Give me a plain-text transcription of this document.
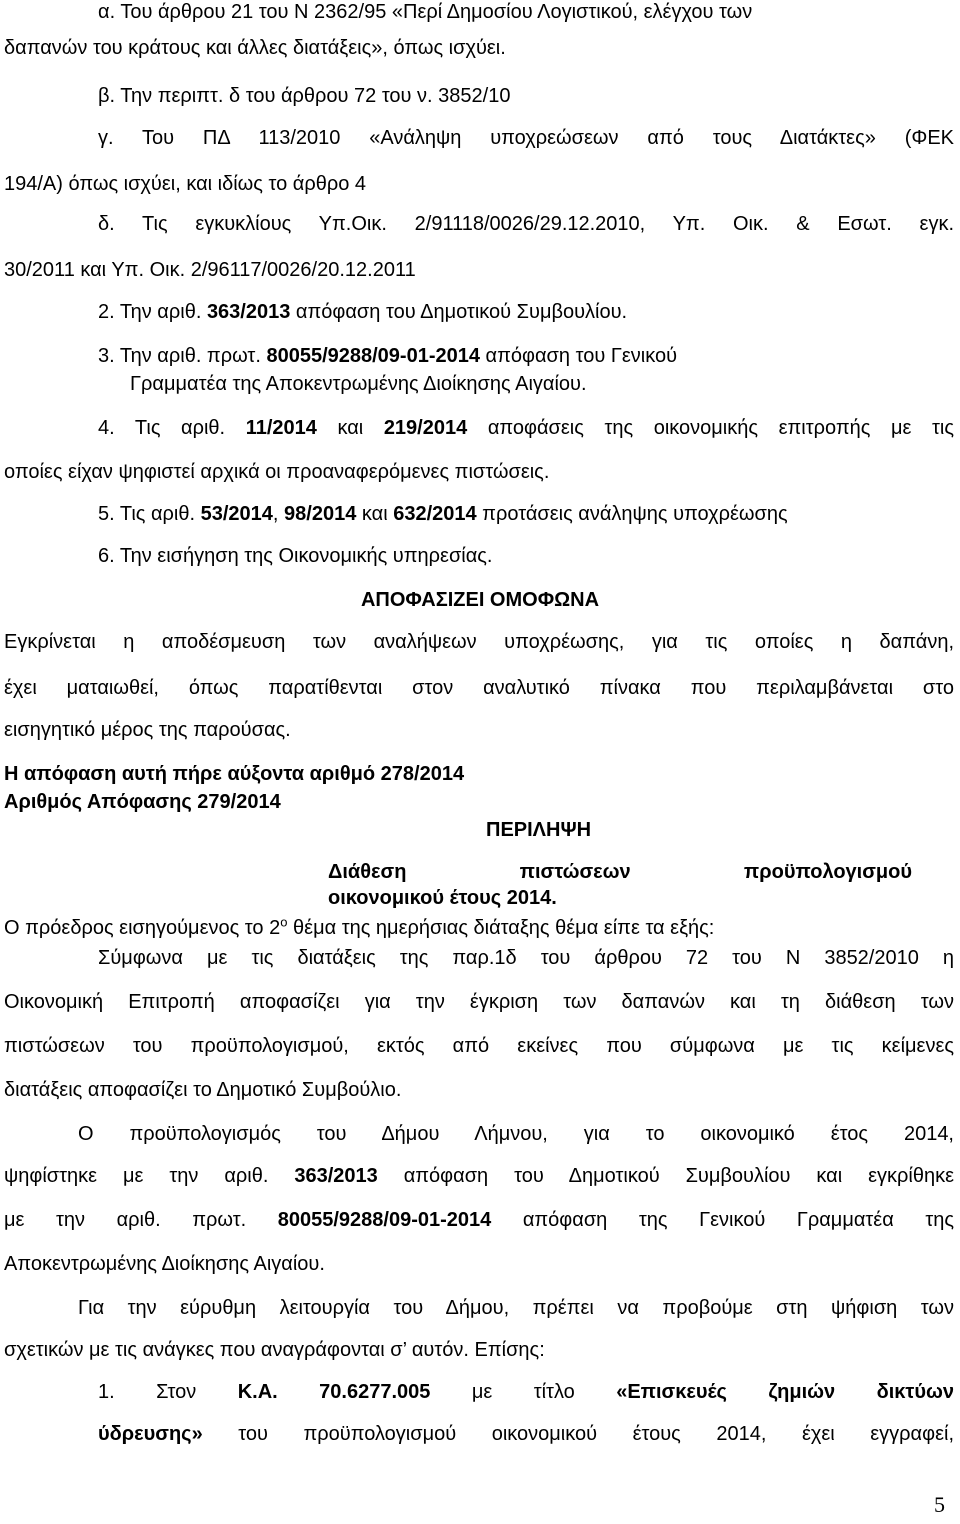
α. Του άρθρου 21 του Ν 2362/95 «Περί Δημοσίου Λογιστικού, ελέγχου των
δαπανών του κράτους και άλλες διατάξεις», όπως ισχύει.
β. Την περιπτ. δ του άρθρου 72 του ν. 3852/10
γ. Του ΠΔ 113/2010 «Ανάληψη υποχρεώσεων από τους Διατάκτες» (ΦΕΚ
194/Α) όπως ισχύει, και ιδίως το άρθρο 4
δ. Τις εγκυκλίους Υπ.Οικ. 2/91118/0026/29.12.2010, Υπ. Οικ. & Εσωτ. εγκ.
30/2011 και Υπ. Οικ. 2/96117/0026/20.12.2011
2. Την αριθ. 363/2013 απόφαση του Δημοτικού Συμβουλίου.
3. Την αριθ. πρωτ. 80055/9288/09-01-2014 απόφαση του Γενικού
Γραμματέα της Αποκεντρωμένης Διοίκησης Αιγαίου.
4. Τις αριθ. 11/2014 και 219/2014 αποφάσεις της οικονομικής επιτροπής με τις
οποίες είχαν ψηφιστεί αρχικά οι προαναφερόμενες πιστώσεις.
5. Τις αριθ. 53/2014, 98/2014 και 632/2014 προτάσεις ανάληψης υποχρέωσης
6. Την εισήγηση της Οικονομικής υπηρεσίας.
ΑΠΟΦΑΣΙΖΕΙ ΟΜΟΦΩΝΑ
Εγκρίνεται η αποδέσμευση των αναλήψεων υποχρέωσης, για τις οποίες η δαπάνη,
έχει ματαιωθεί, όπως παρατίθενται στον αναλυτικό πίνακα που περιλαμβάνεται στο
εισηγητικό μέρος της παρούσας.
Η απόφαση αυτή πήρε αύξοντα αριθμό 278/2014
Αριθμός Απόφασης 279/2014
ΠΕΡΙΛΗΨΗ
Διάθεση	πιστώσεων	προϋπολογισμού
οικονομικού έτους 2014.
Ο πρόεδρος εισηγούμενος το $2^o$ θέμα της ημερήσιας διάταξης θέμα είπε τα εξής:
Σύμφωνα με τις διατάξεις της παρ.1δ του άρθρου 72 του Ν 3852/2010 η
Οικονομική Επιτροπή αποφασίζει για την έγκριση των δαπανών και τη διάθεση των
πιστώσεων του προϋπολογισμού, εκτός από εκείνες που σύμφωνα με τις κείμενες
διατάξεις αποφασίζει το Δημοτικό Συμβούλιο.
Ο προϋπολογισμός του Δήμου Λήμνου, για το οικονομικό έτος 2014,
ψηφίστηκε με την αριθ. 363/2013 απόφαση του Δημοτικού Συμβουλίου και εγκρίθηκε
με την αριθ. πρωτ. 80055/9288/09-01-2014 απόφαση της Γενικού Γραμματέα της
Αποκεντρωμένης Διοίκησης Αιγαίου.
Για την εύρυθμη λειτουργία του Δήμου, πρέπει να προβούμε στη ψήφιση των
σχετικών με τις ανάγκες που αναγράφονται σ’ αυτόν. Επίσης:
1. Στον Κ.Α. 70.6277.005 με τίτλο «Επισκευές ζημιών δικτύων
ύδρευσης» του προϋπολογισμού οικονομικού έτους 2014, έχει εγγραφεί,
5
